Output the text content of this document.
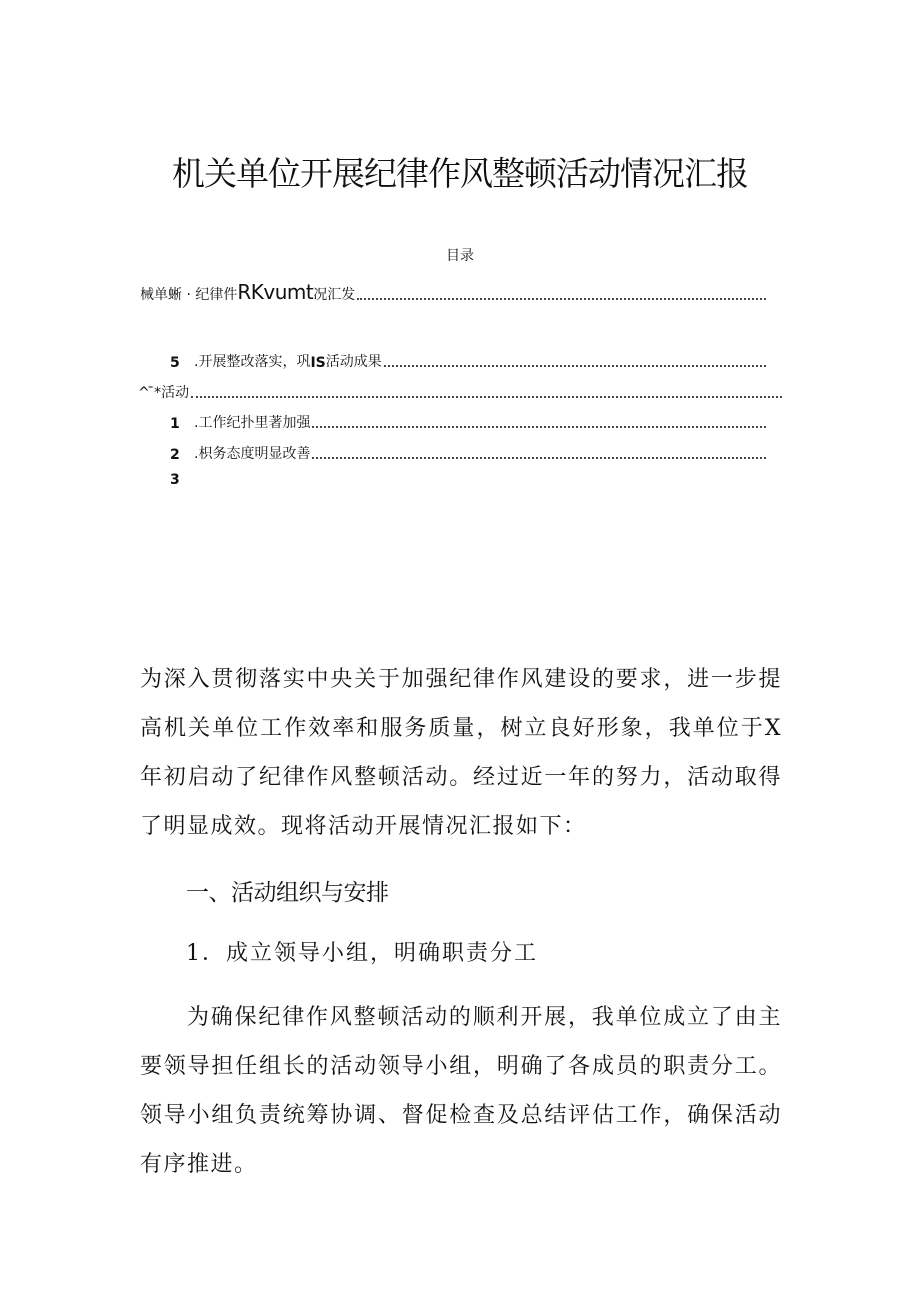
机关单位开展纪律作风整顿活动情况汇报
目录
械单蜥 · 纪律件 RKvumt 况汇发
5	.开展整改落实，巩 IS 活动成果
^ ̄*活动
1	.工作纪扑里著加强
2	.枳务态度明显改善
3

为深入贯彻落实中央关于加强纪律作风建设的要求，进一步提高机关单位工作效率和服务质量，树立良好形象，我单位于X年初启动了纪律作风整顿活动。经过近一年的努力，活动取得了明显成效。现将活动开展情况汇报如下：

一、活动组织与安排
1．成立领导小组，明确职责分工

为确保纪律作风整顿活动的顺利开展，我单位成立了由主要领导担任组长的活动领导小组，明确了各成员的职责分工。领导小组负责统筹协调、督促检查及总结评估工作，确保活动有序推进。
